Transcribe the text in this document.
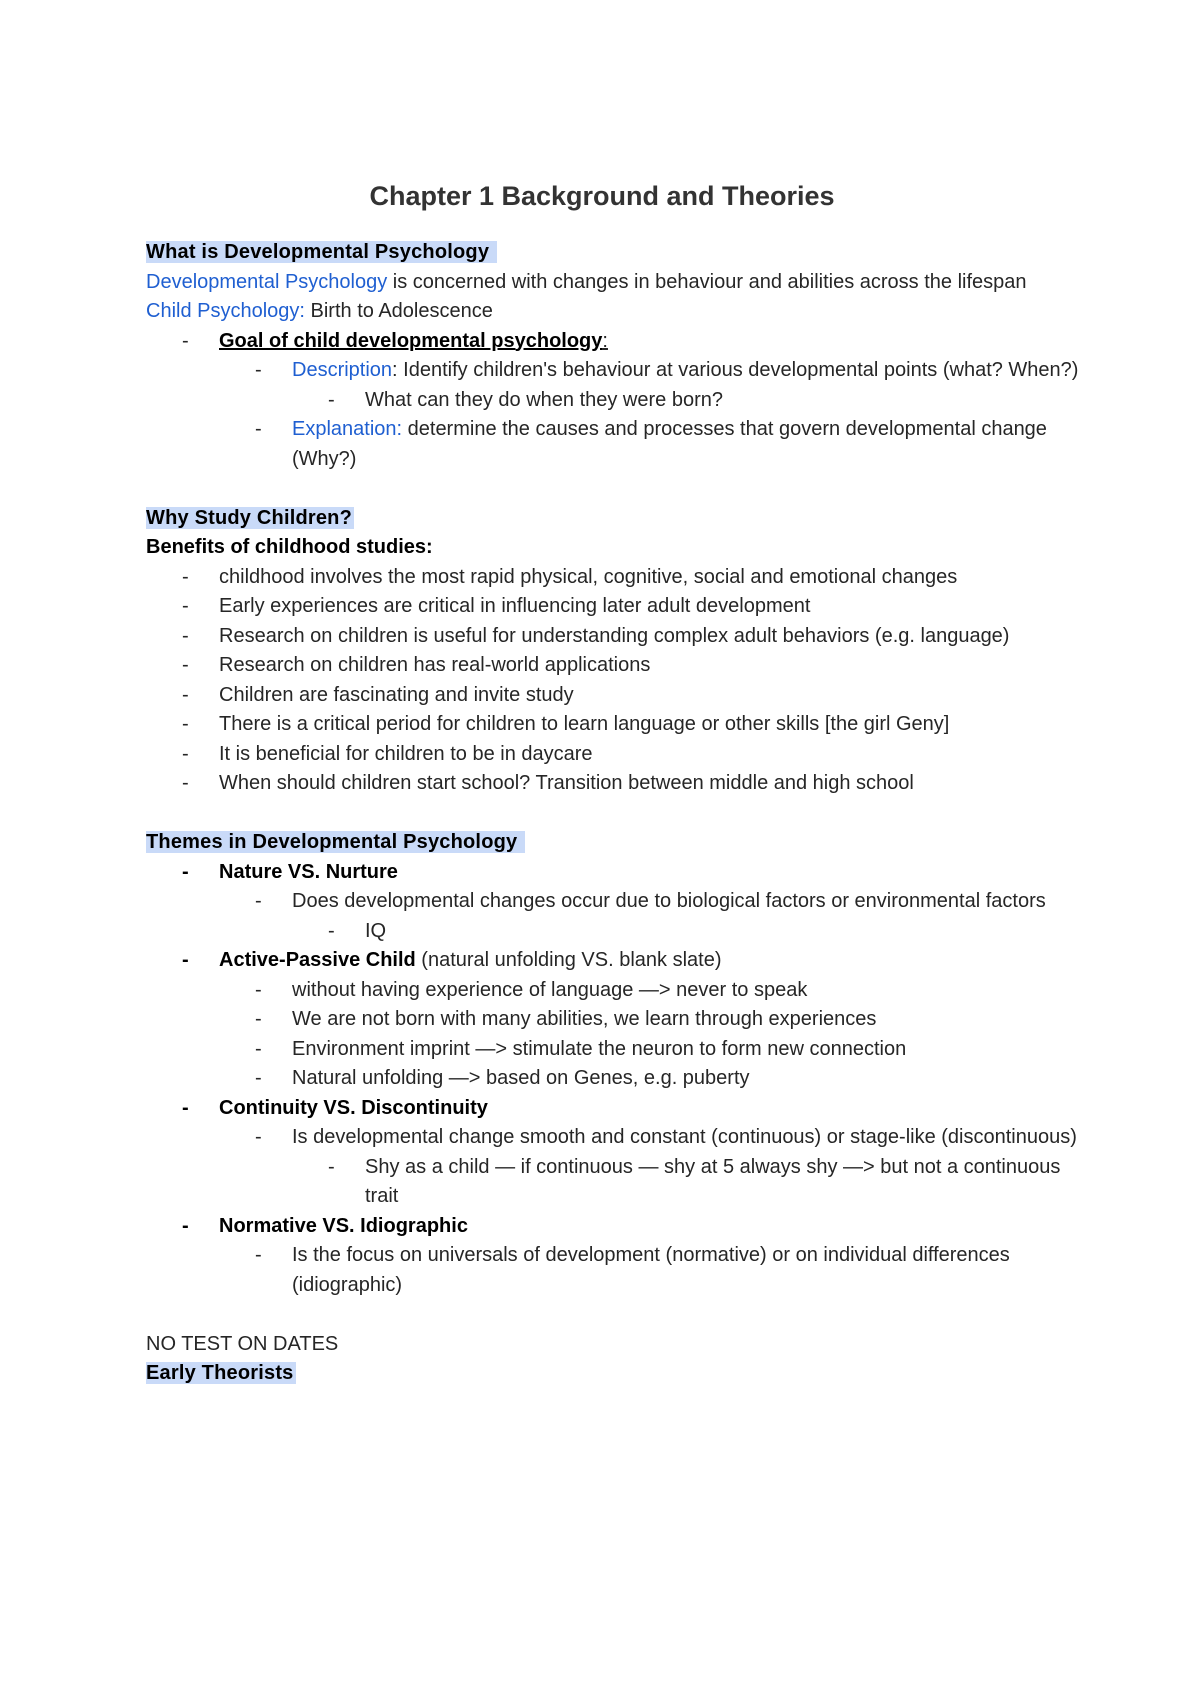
Chapter 1 Background and Theories
What is Developmental Psychology
Developmental Psychology is concerned with changes in behaviour and abilities across the lifespan
Child Psychology: Birth to Adolescence
-	Goal of child developmental psychology:
-	Description: Identify children's behaviour at various developmental points (what? When?)
-	What can they do when they were born?
-	Explanation: determine the causes and processes that govern developmental change (Why?)
Why Study Children?
Benefits of childhood studies:
-	childhood involves the most rapid physical, cognitive, social and emotional changes
-	Early experiences are critical in influencing later adult development
-	Research on children is useful for understanding complex adult behaviors (e.g. language)
-	Research on children has real-world applications
-	Children are fascinating and invite study
-	There is a critical period for children to learn language or other skills [the girl Geny]
-	It is beneficial for children to be in daycare
-	When should children start school? Transition between middle and high school
Themes in Developmental Psychology
-	Nature VS. Nurture
-	Does developmental changes occur due to biological factors or environmental factors
-	IQ
-	Active-Passive Child (natural unfolding VS. blank slate)
-	without having experience of language —> never to speak
-	We are not born with many abilities, we learn through experiences
-	Environment imprint —> stimulate the neuron to form new connection
-	Natural unfolding —> based on Genes, e.g. puberty
-	Continuity VS. Discontinuity
-	Is developmental change smooth and constant (continuous) or stage-like (discontinuous)
-	Shy as a child — if continuous — shy at 5 always shy —> but not a continuous trait
-	Normative VS. Idiographic
-	Is the focus on universals of development (normative) or on individual differences (idiographic)
NO TEST ON DATES
Early Theorists
